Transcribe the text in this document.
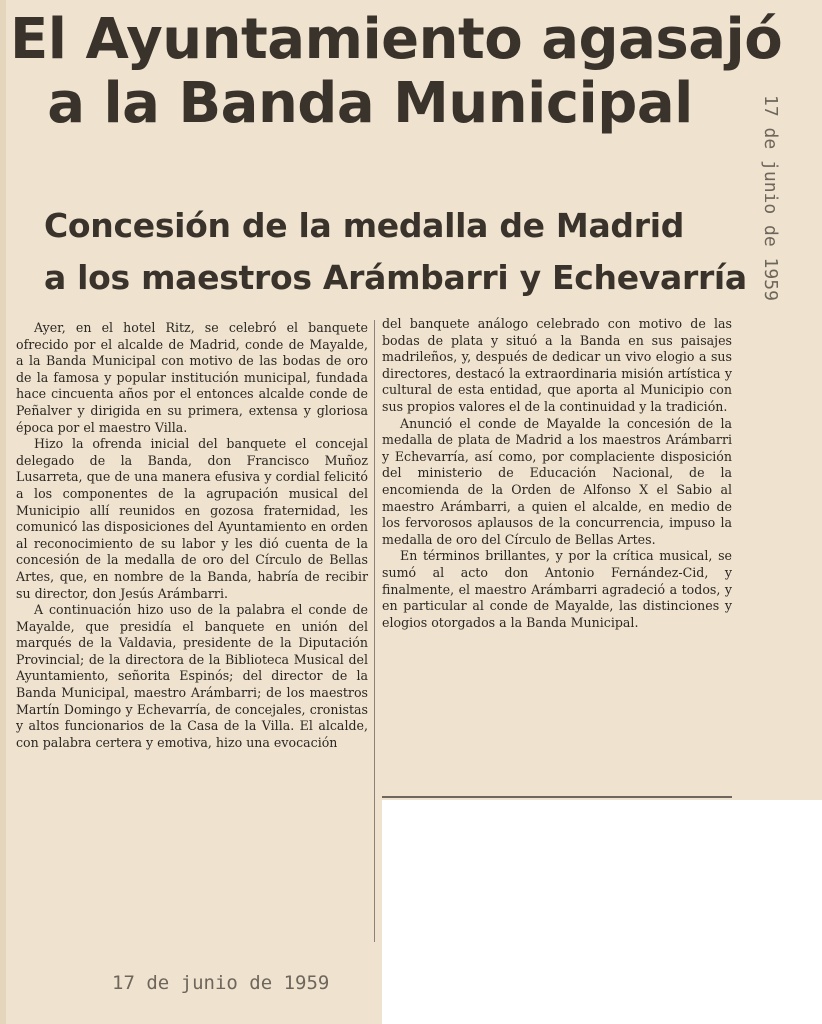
El Ayuntamiento agasajó
a la Banda Municipal
Concesión de la medalla de Madrid
a los maestros Arámbarri y Echevarría 17 de junio de 1959

Ayer, en el hotel Ritz, se celebró el banquete ofrecido por el alcalde de Madrid, conde de Mayalde, a la Banda Municipal con motivo de las bodas de oro de la famosa y popular institución municipal, fundada hace cincuenta años por el entonces alcalde conde de Peñalver y dirigida en su primera, extensa y gloriosa época por el maestro Villa.

Hizo la ofrenda inicial del banquete el concejal delegado de la Banda, don Francisco Muñoz Lusarreta, que de una manera efusiva y cordial felicitó a los componentes de la agrupación musical del Municipio allí reunidos en gozosa fraternidad, les comunicó las disposiciones del Ayuntamiento en orden al reconocimiento de su labor y les dió cuenta de la concesión de la medalla de oro del Círculo de Bellas Artes, que, en nombre de la Banda, habría de recibir su director, don Jesús Arámbarri.

A continuación hizo uso de la palabra el conde de Mayalde, que presidía el banquete en unión del marqués de la Valdavia, presidente de la Diputación Provincial; de la directora de la Biblioteca Musical del Ayuntamiento, señorita Espinós; del director de la Banda Municipal, maestro Arámbarri; de los maestros Martín Domingo y Echevarría, de concejales, cronistas y altos funcionarios de la Casa de la Villa. El alcalde, con palabra certera y emotiva, hizo una evocación

del banquete análogo celebrado con motivo de las bodas de plata y situó a la Banda en sus paisajes madrileños, y, después de dedicar un vivo elogio a sus directores, destacó la extraordinaria misión artística y cultural de esta entidad, que aporta al Municipio con sus propios valores el de la continuidad y la tradición.

Anunció el conde de Mayalde la concesión de la medalla de plata de Madrid a los maestros Arámbarri y Echevarría, así como, por complaciente disposición del ministerio de Educación Nacional, de la encomienda de la Orden de Alfonso X el Sabio al maestro Arámbarri, a quien el alcalde, en medio de los fervorosos aplausos de la concurrencia, impuso la medalla de oro del Círculo de Bellas Artes.

En términos brillantes, y por la crítica musical, se sumó al acto don Antonio Fernández-Cid, y finalmente, el maestro Arámbarri agradeció a todos, y en particular al conde de Mayalde, las distinciones y elogios otorgados a la Banda Municipal.

17 de junio de 1959
